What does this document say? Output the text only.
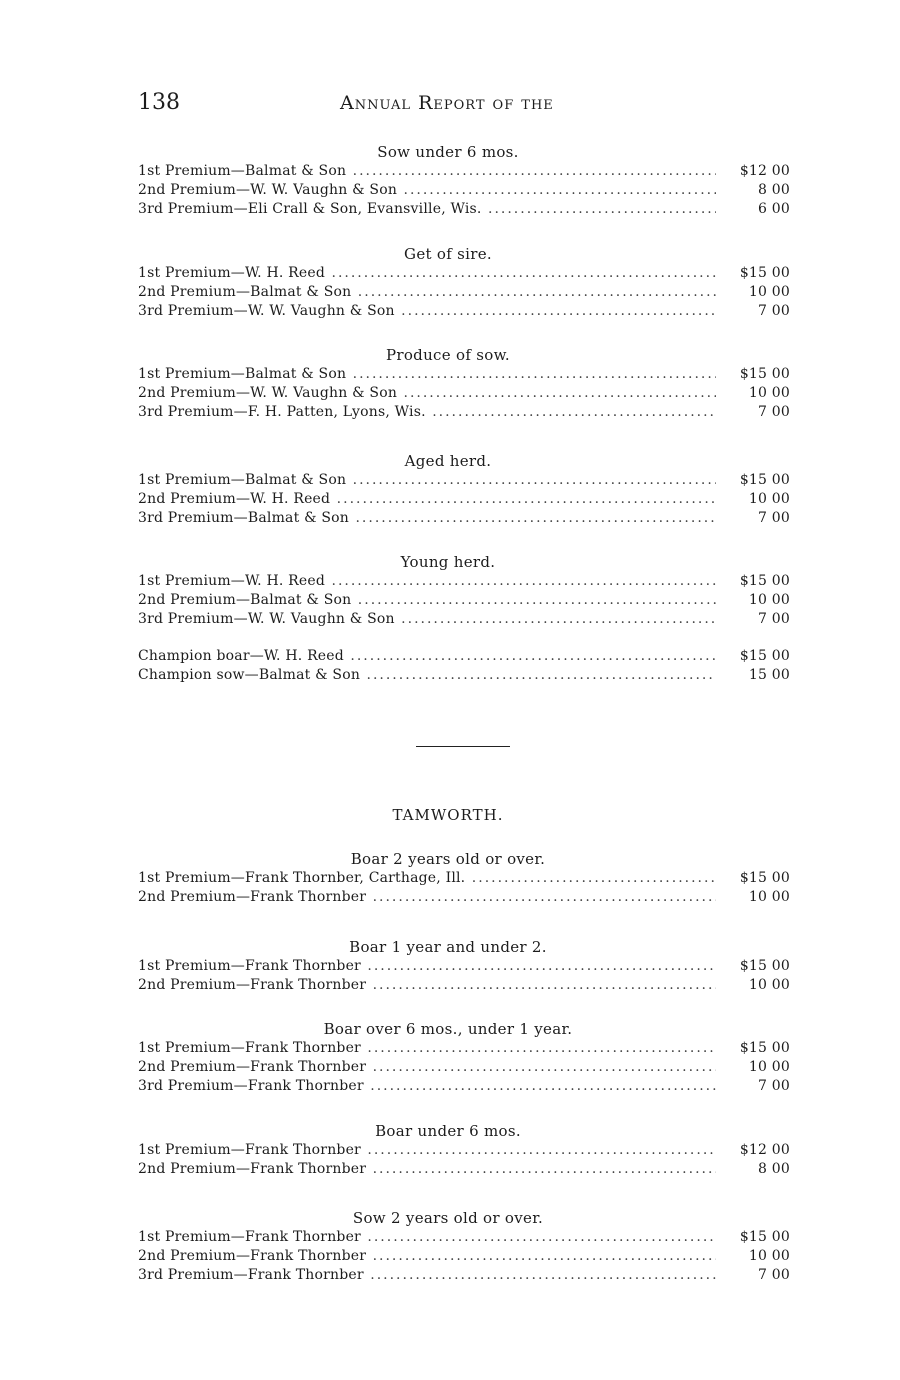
138	Annual Report of the
Sow under 6 mos.
1st Premium—Balmat & Son .....	$12 00
2nd Premium—W. W. Vaughn & Son .....	8 00
3rd Premium—Eli Crall & Son, Evansville, Wis. .....	6 00
Get of sire.
1st Premium—W. H. Reed .....	$15 00
2nd Premium—Balmat & Son .....	10 00
3rd Premium—W. W. Vaughn & Son .....	7 00
Produce of sow.
1st Premium—Balmat & Son .....	$15 00
2nd Premium—W. W. Vaughn & Son .....	10 00
3rd Premium—F. H. Patten, Lyons, Wis. .....	7 00
Aged herd.
1st Premium—Balmat & Son .....	$15 00
2nd Premium—W. H. Reed .....	10 00
3rd Premium—Balmat & Son .....	7 00
Young herd.
1st Premium—W. H. Reed .....	$15 00
2nd Premium—Balmat & Son .....	10 00
3rd Premium—W. W. Vaughn & Son .....	7 00
Champion boar—W. H. Reed .....	$15 00
Champion sow—Balmat & Son .....	15 00
TAMWORTH.
Boar 2 years old or over.
1st Premium—Frank Thornber, Carthage, Ill. .....	$15 00
2nd Premium—Frank Thornber .....	10 00
Boar 1 year and under 2.
1st Premium—Frank Thornber .....	$15 00
2nd Premium—Frank Thornber .....	10 00
Boar over 6 mos., under 1 year.
1st Premium—Frank Thornber .....	$15 00
2nd Premium—Frank Thornber .....	10 00
3rd Premium—Frank Thornber .....	7 00
Boar under 6 mos.
1st Premium—Frank Thornber .....	$12 00
2nd Premium—Frank Thornber .....	8 00
Sow 2 years old or over.
1st Premium—Frank Thornber .....	$15 00
2nd Premium—Frank Thornber .....	10 00
3rd Premium—Frank Thornber .....	7 00
